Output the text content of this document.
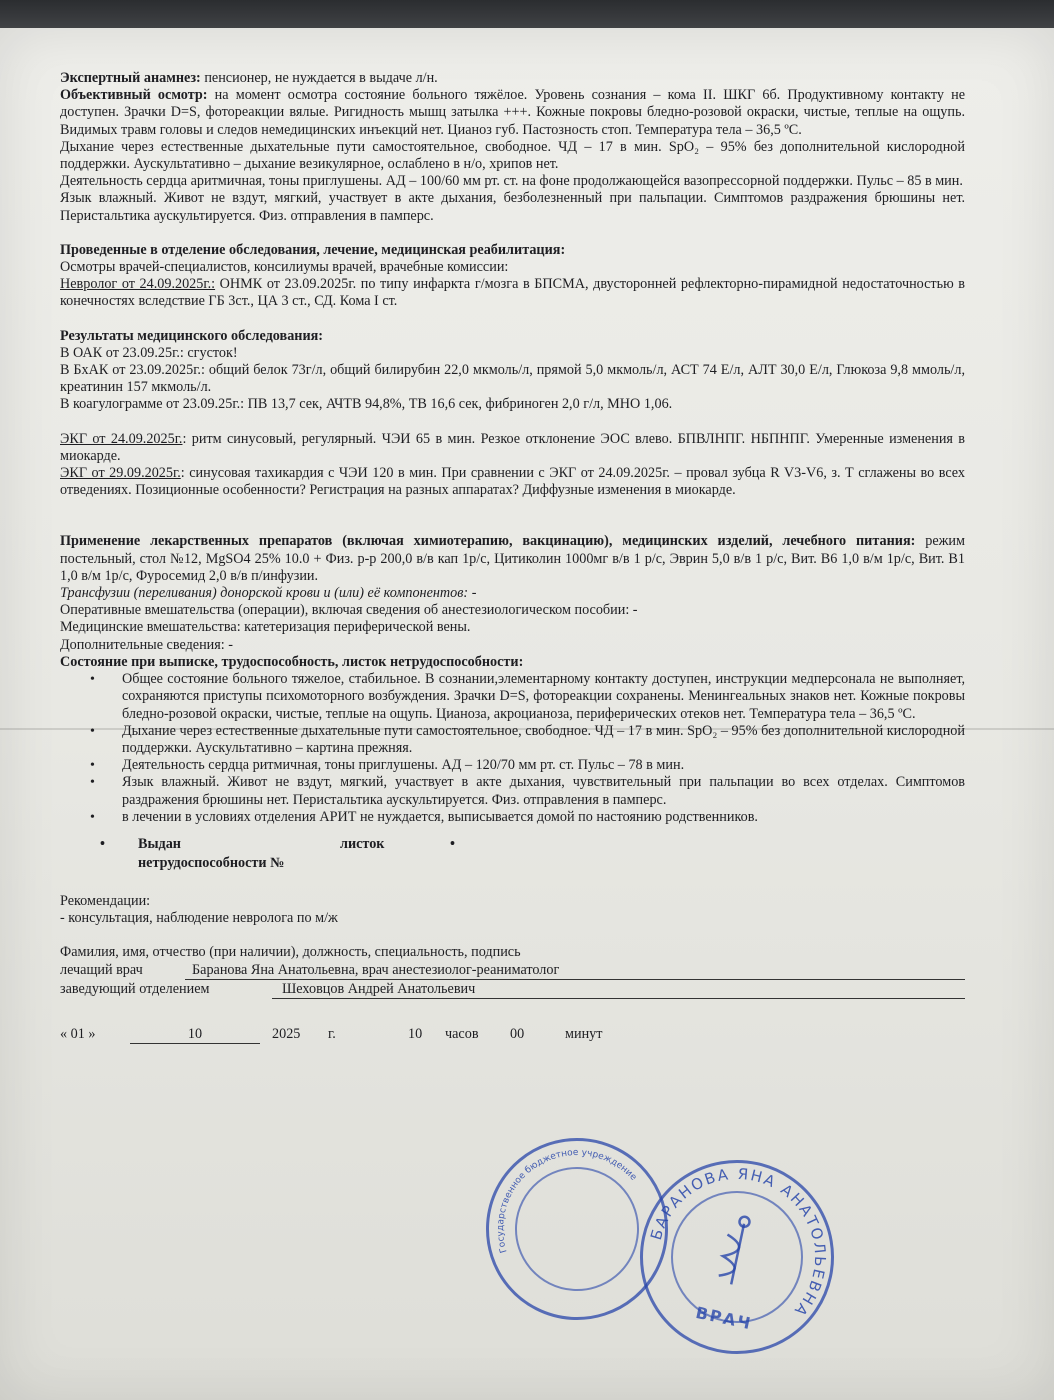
Экспертный анамнез: пенсионер, не нуждается в выдаче л/н.

Объективный осмотр: на момент осмотра состояние больного тяжёлое. Уровень сознания – кома II. ШКГ 6б. Продуктивному контакту не доступен. Зрачки D=S, фотореакции вялые. Ригидность мышц затылка +++. Кожные покровы бледно-розовой окраски, чистые, теплые на ощупь. Видимых травм головы и следов немедицинских инъекций нет. Цианоз губ. Пастозность стоп. Температура тела – 36,5 ºС.

Дыхание через естественные дыхательные пути самостоятельное, свободное. ЧД – 17 в мин. SpO₂ – 95% без дополнительной кислородной поддержки. Аускультативно – дыхание везикулярное, ослаблено в н/о, хрипов нет.

Деятельность сердца аритмичная, тоны приглушены. АД – 100/60 мм рт. ст. на фоне продолжающейся вазопрессорной поддержки. Пульс – 85 в мин.

Язык влажный. Живот не вздут, мягкий, участвует в акте дыхания, безболезненный при пальпации. Симптомов раздражения брюшины нет. Перистальтика аускультируется. Физ. отправления в памперс.

Проведенные в отделение обследования, лечение, медицинская реабилитация:

Осмотры врачей-специалистов, консилиумы врачей, врачебные комиссии:

Невролог от 24.09.2025г.: ОНМК от 23.09.2025г. по типу инфаркта г/мозга в БПСМА, двусторонней рефлекторно-пирамидной недостаточностью в конечностях вследствие ГБ 3ст., ЦА 3 ст., СД. Кома I ст.

Результаты медицинского обследования:

В ОАК от 23.09.25г.: сгусток!

В БхАК от 23.09.2025г.: общий белок 73г/л, общий билирубин 22,0 мкмоль/л, прямой 5,0 мкмоль/л, АСТ 74 Е/л, АЛТ 30,0 Е/л, Глюкоза 9,8 ммоль/л, креатинин 157 мкмоль/л.

В коагулограмме от 23.09.25г.: ПВ 13,7 сек, АЧТВ 94,8%, ТВ 16,6 сек, фибриноген 2,0 г/л, МНО 1,06.

ЭКГ от 24.09.2025г.: ритм синусовый, регулярный. ЧЭИ 65 в мин. Резкое отклонение ЭОС влево. БПВЛНПГ. НБПНПГ. Умеренные изменения в миокарде.

ЭКГ от 29.09.2025г.: синусовая тахикардия с ЧЭИ 120 в мин. При сравнении с ЭКГ от 24.09.2025г. – провал зубца R V3-V6, з. Т сглажены во всех отведениях. Позиционные особенности? Регистрация на разных аппаратах? Диффузные изменения в миокарде.

Применение лекарственных препаратов (включая химиотерапию, вакцинацию), медицинских изделий, лечебного питания: режим постельный, стол №12, MgSO4 25% 10.0 + Физ. р-р 200,0 в/в кап 1р/с, Цитиколин 1000мг в/в 1 р/с, Эврин 5,0 в/в 1 р/с, Вит. В6 1,0 в/м 1р/с, Вит. В1 1,0 в/м 1р/с, Фуросемид 2,0 в/в п/инфузии.

Трансфузии (переливания) донорской крови и (или) её компонентов: -

Оперативные вмешательства (операции), включая сведения об анестезиологическом пособии: -

Медицинские вмешательства: катетеризация периферической вены.

Дополнительные сведения: -

Состояние при выписке, трудоспособность, листок нетрудоспособности:

• Общее состояние больного тяжелое, стабильное. В сознании,элементарному контакту доступен, инструкции медперсонала не выполняет, сохраняются приступы психомоторного возбуждения. Зрачки D=S, фотореакции сохранены. Менингеальных знаков нет. Кожные покровы бледно-розовой окраски, чистые, теплые на ощупь. Цианоза, акроцианоза, периферических отеков нет. Температура тела – 36,5 ºС.
• Дыхание через естественные дыхательные пути самостоятельное, свободное. ЧД – 17 в мин. SpO₂ – 95% без дополнительной кислородной поддержки. Аускультативно – картина прежняя.
• Деятельность сердца ритмичная, тоны приглушены. АД – 120/70 мм рт. ст. Пульс – 78 в мин.
• Язык влажный. Живот не вздут, мягкий, участвует в акте дыхания, чувствительный при пальпации во всех отделах. Симптомов раздражения брюшины нет. Перистальтика аускультируется. Физ. отправления в памперс.
• в лечении в условиях отделения АРИТ не нуждается, выписывается домой по настоянию родственников.
• Выдан	листок	•
нетрудоспособности №

Рекомендации:

- консультация, наблюдение невролога по м/ж

Фамилия, имя, отчество (при наличии), должность, специальность, подпись

лечащий врач	Баранова Яна Анатольевна, врач анестезиолог-реаниматолог
заведующий отделением	Шеховцов Андрей Анатольевич
« 01 »	10	2025 г.	10 часов 00	минут
Государственное бюджетное учреждение
БАРАНОВА ЯНА АНАТОЛЬЕВНА
ВРАЧ
